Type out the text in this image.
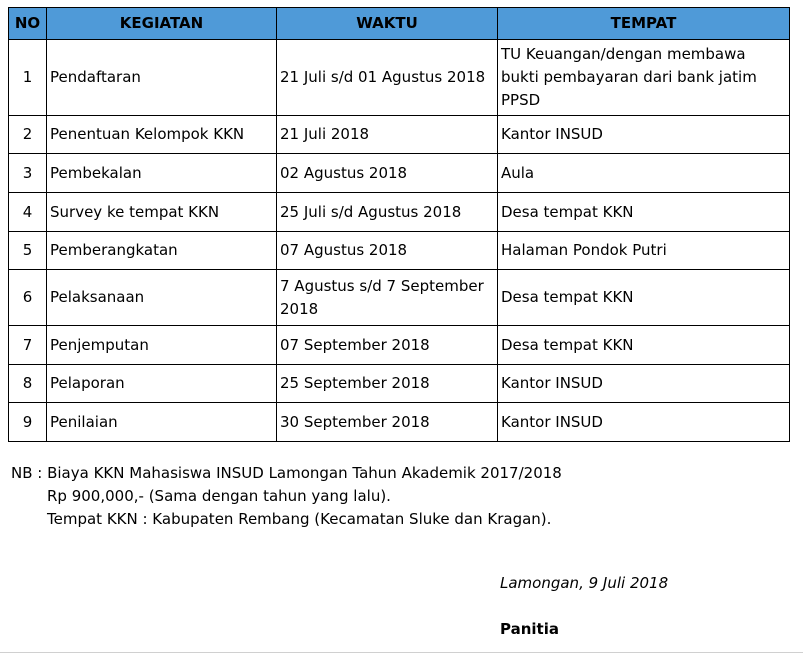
NO	KEGIATAN	WAKTU	TEMPAT
1	Pendaftaran	21 Juli s/d 01 Agustus 2018	TU Keuangan/dengan membawa bukti pembayaran dari bank jatim PPSD
2	Penentuan Kelompok KKN	21 Juli 2018	Kantor INSUD
3	Pembekalan	02 Agustus 2018	Aula
4	Survey ke tempat KKN	25 Juli s/d Agustus 2018	Desa tempat KKN
5	Pemberangkatan	07 Agustus 2018	Halaman Pondok Putri
6	Pelaksanaan	7 Agustus s/d 7 September 2018	Desa tempat KKN
7	Penjemputan	07 September 2018	Desa tempat KKN
8	Pelaporan	25 September 2018	Kantor INSUD
9	Penilaian	30 September 2018	Kantor INSUD
NB : Biaya KKN Mahasiswa INSUD Lamongan Tahun Akademik 2017/2018
Rp 900,000,- (Sama dengan tahun yang lalu).
Tempat KKN : Kabupaten Rembang (Kecamatan Sluke dan Kragan).
Lamongan, 9 Juli 2018
Panitia
